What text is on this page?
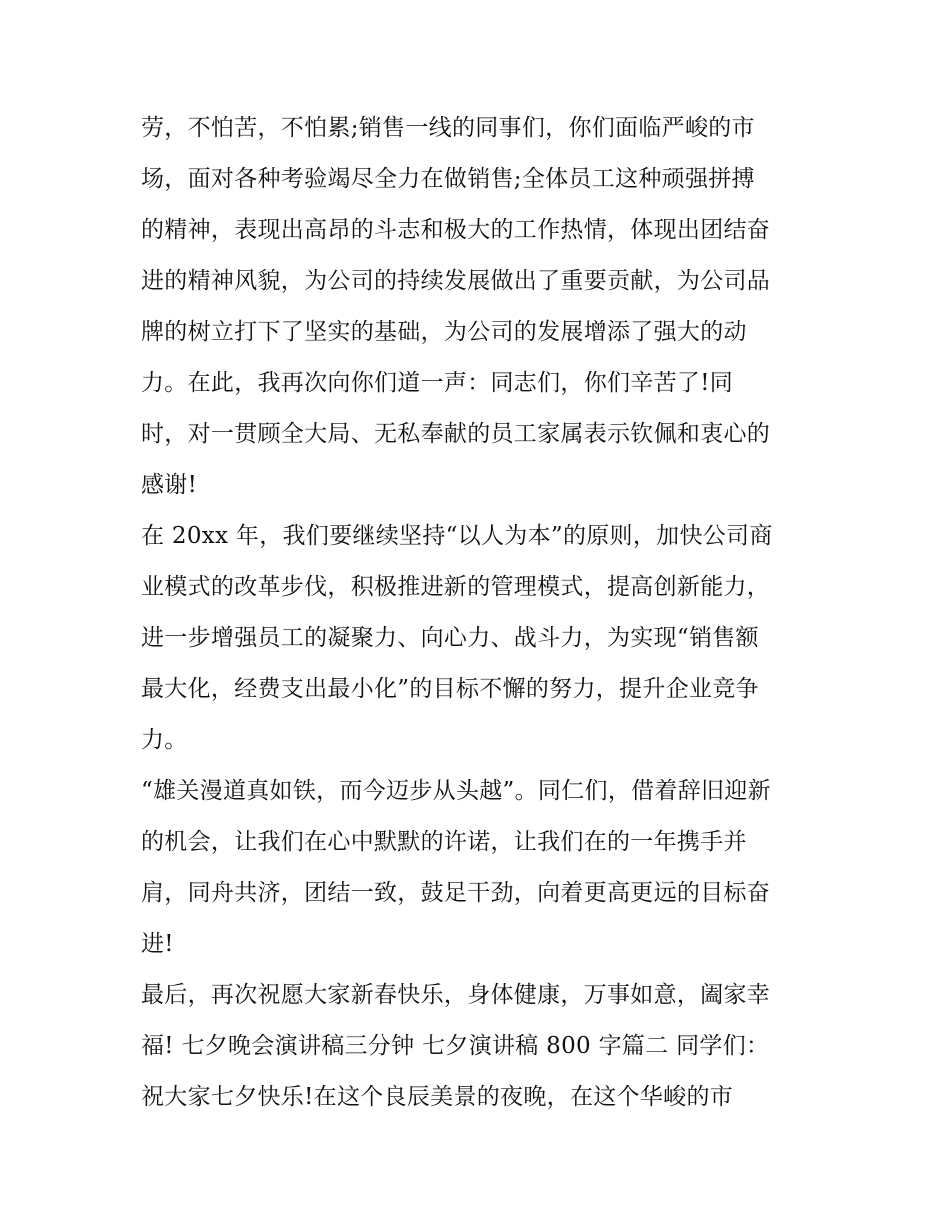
劳，不怕苦，不怕累;销售一线的同事们，你们面临严峻的市
场，面对各种考验竭尽全力在做销售;全体员工这种顽强拼搏
的精神，表现出高昂的斗志和极大的工作热情，体现出团结奋
进的精神风貌，为公司的持续发展做出了重要贡献，为公司品
牌的树立打下了坚实的基础，为公司的发展增添了强大的动
力。在此，我再次向你们道一声：同志们，你们辛苦了!同
时，对一贯顾全大局、无私奉献的员工家属表示钦佩和衷心的
感谢!
在 20xx 年，我们要继续坚持“以人为本”的原则，加快公司商
业模式的改革步伐，积极推进新的管理模式，提高创新能力，
进一步增强员工的凝聚力、向心力、战斗力，为实现“销售额
最大化，经费支出最小化”的目标不懈的努力，提升企业竞争
力。
“雄关漫道真如铁，而今迈步从头越”。同仁们，借着辞旧迎新
的机会，让我们在心中默默的许诺，让我们在的一年携手并
肩，同舟共济，团结一致，鼓足干劲，向着更高更远的目标奋
进!
最后，再次祝愿大家新春快乐，身体健康，万事如意，阖家幸
福! 七夕晚会演讲稿三分钟 七夕演讲稿 800 字篇二 同学们：
祝大家七夕快乐!在这个良辰美景的夜晚，在这个华峻的市
